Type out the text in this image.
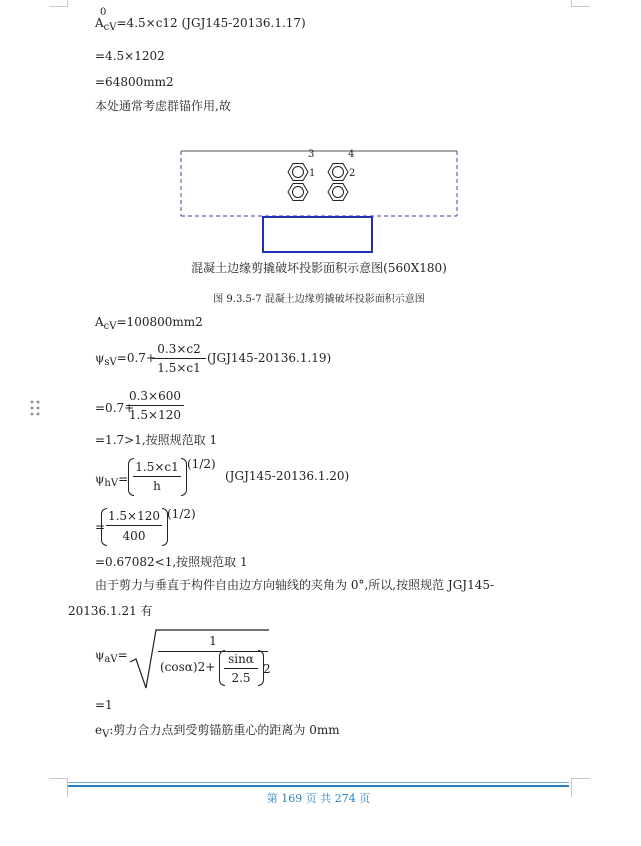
0
$A_{cV}=4.5\times c12$ (JGJ145-20136.1.17)
=4.5×1202
=64800mm2
本处通常考虑群锚作用,故
3	4
1	2
混凝土边缘剪撬破坏投影面积示意图(560X180)
图 9.3.5-7 混凝土边缘剪撬破坏投影面积示意图
$A_{cV}=100800mm2$
$\psi_{sV}=0.7+$
0.3×c2
1.5×c1
(JGJ145-20136.1.19)
=0.7+
0.3×600
1.5×120
=1.7>1,按照规范取 1
$\psi_{hV}=$
1.5×c1
h
(1/2)
(JGJ145-20136.1.20)
=
1.5×120
400
(1/2)
=0.67082<1,按照规范取 1
由于剪力与垂直于构件自由边方向轴线的夹角为 0°,所以,按照规范 JGJ145-
20136.1.21 有
$\psi_{aV}=$
1
(cosα)2+
sinα
2.5
2
=1
$e_V$:剪力合力点到受剪锚筋重心的距离为 0mm
第 169 页 共 274 页
